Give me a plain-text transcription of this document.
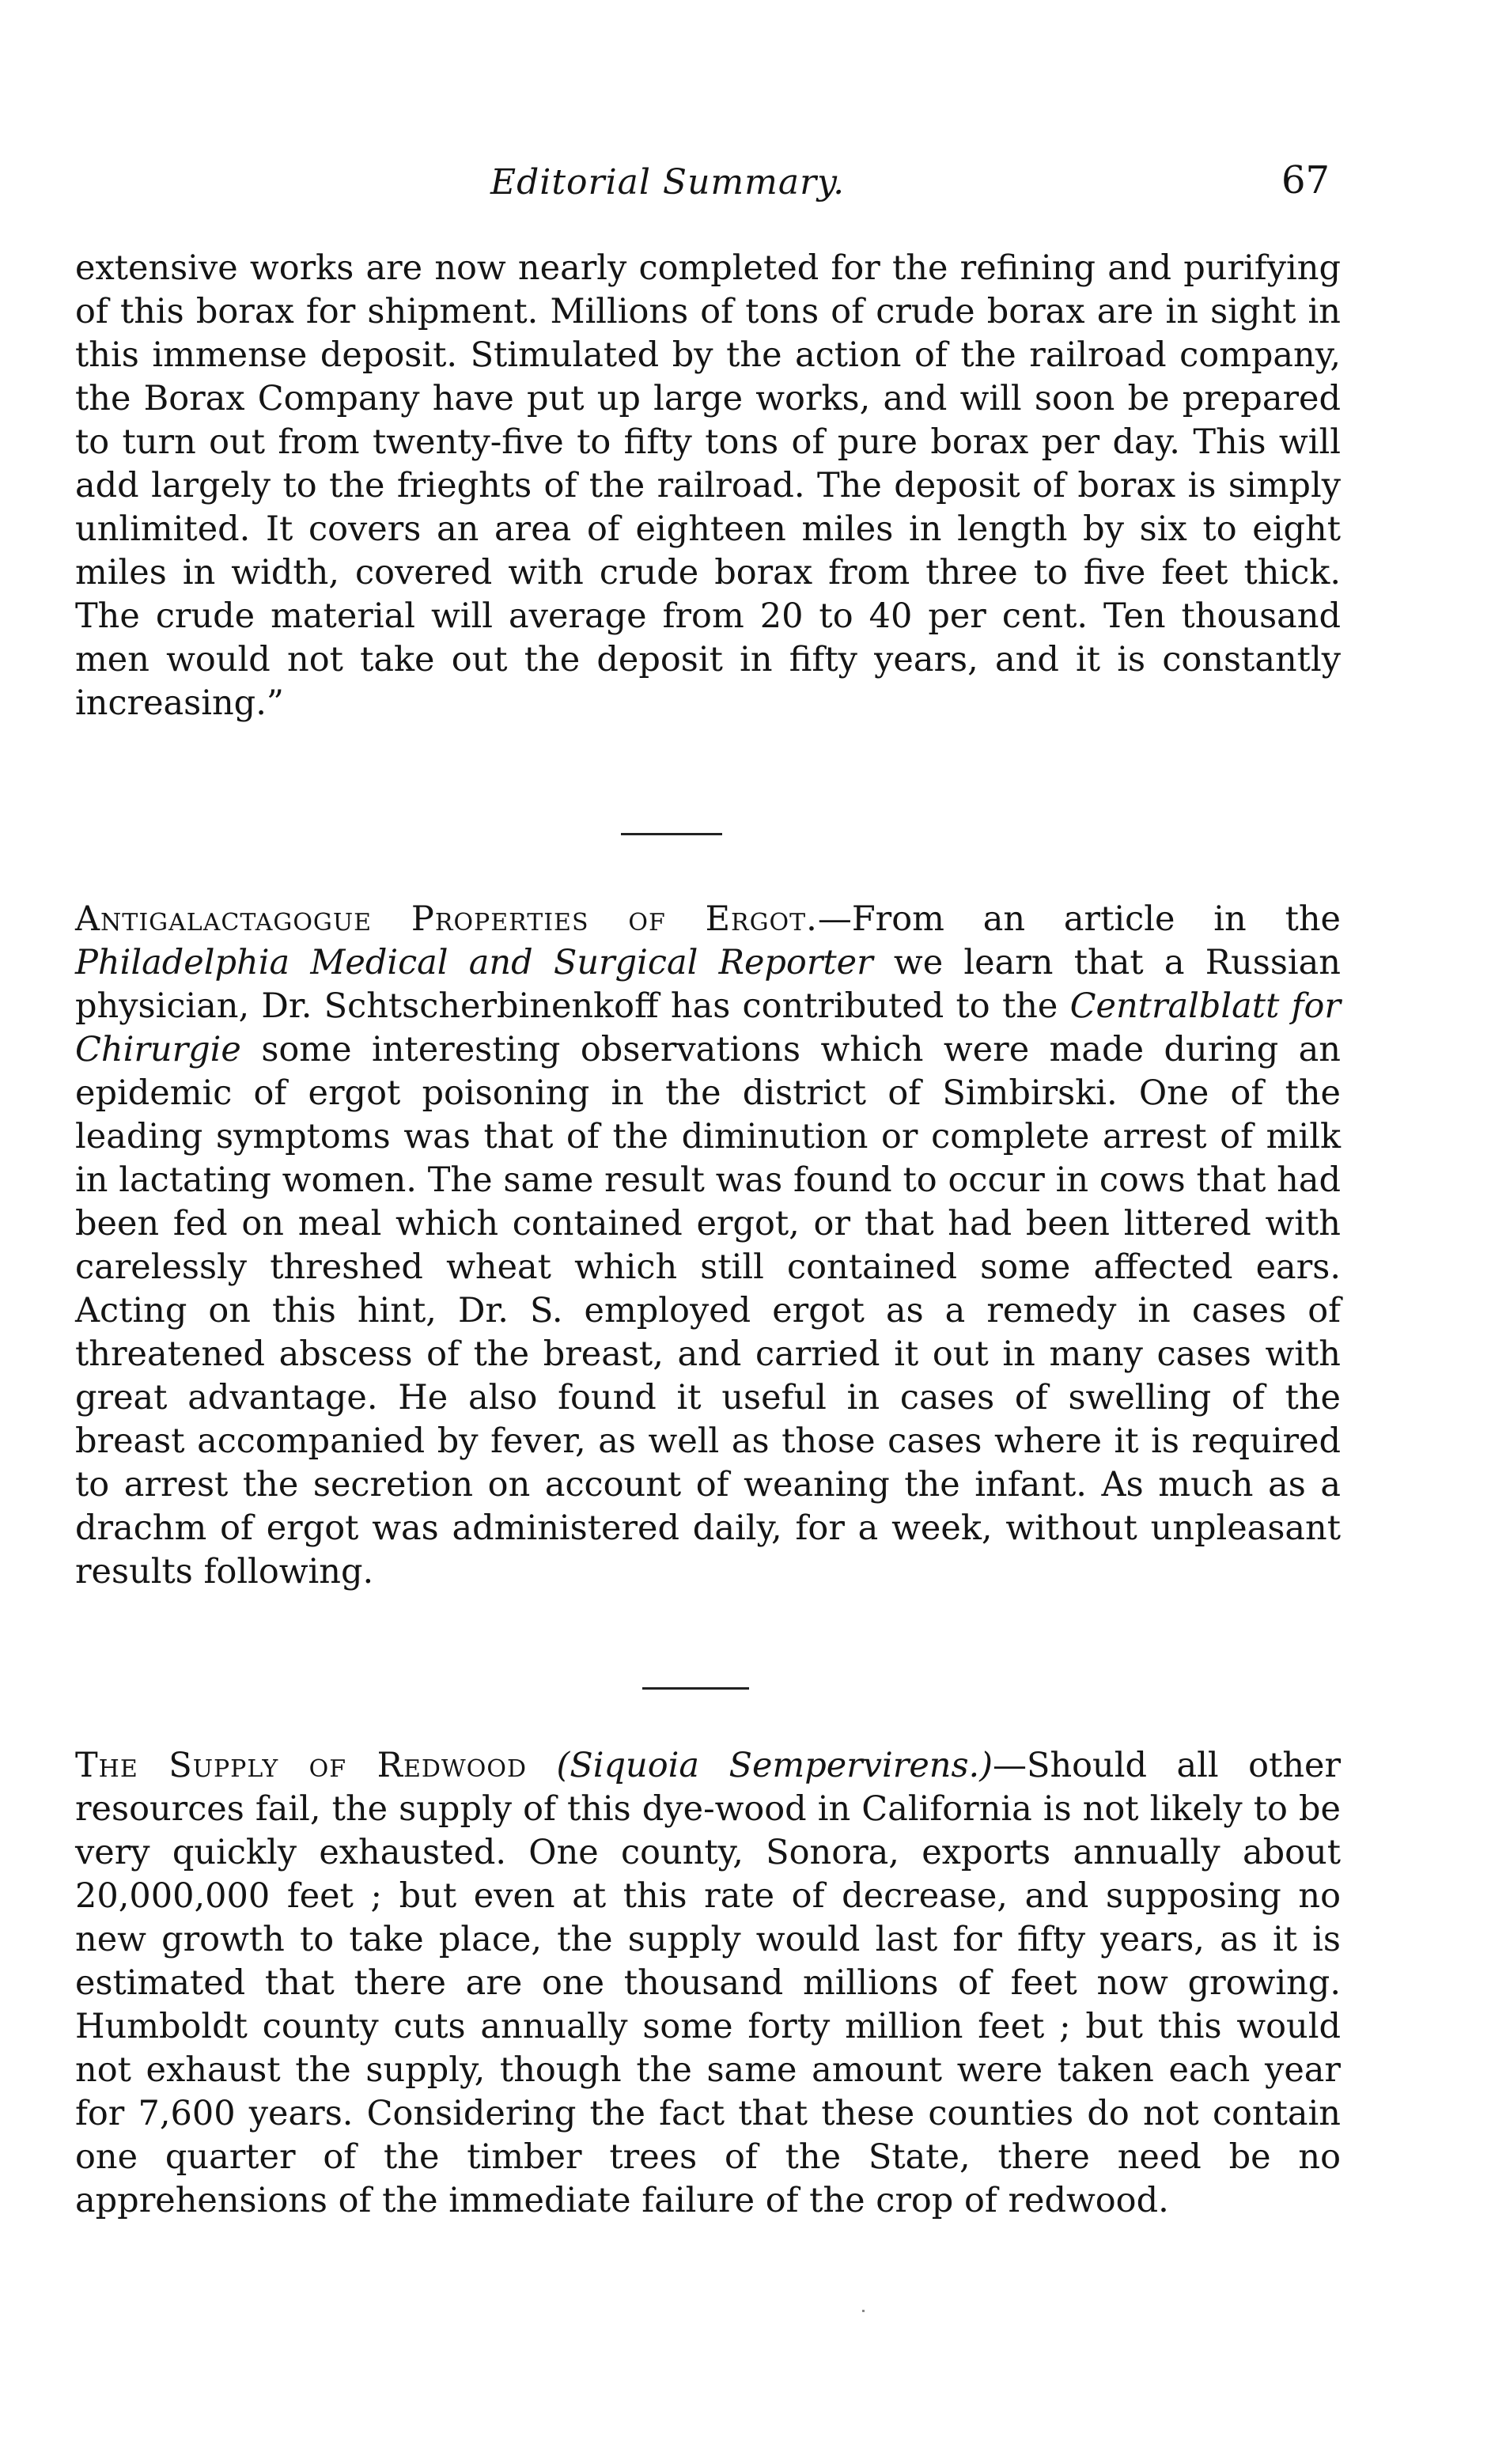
Editorial Summary.	67

extensive works are now nearly completed for the refining and purifying of this borax for shipment. Millions of tons of crude borax are in sight in this immense deposit. Stimulated by the action of the railroad company, the Borax Company have put up large works, and will soon be prepared to turn out from twenty-five to fifty tons of pure borax per day. This will add largely to the frieghts of the railroad. The deposit of borax is simply unlimited. It covers an area of eighteen miles in length by six to eight miles in width, covered with crude borax from three to five feet thick. The crude material will average from 20 to 40 per cent. Ten thousand men would not take out the deposit in fifty years, and it is constantly increasing.”

Antigalactagogue Properties of Ergot.—From an article in the Philadelphia Medical and Surgical Reporter we learn that a Russian physician, Dr. Schtscherbinenkoff has contributed to the Centralblatt for Chirurgie some interesting observations which were made during an epidemic of ergot poisoning in the district of Simbirski. One of the leading symptoms was that of the diminution or complete arrest of milk in lactating women. The same result was found to occur in cows that had been fed on meal which contained ergot, or that had been littered with carelessly threshed wheat which still contained some affected ears. Acting on this hint, Dr. S. employed ergot as a remedy in cases of threatened abscess of the breast, and carried it out in many cases with great advantage. He also found it useful in cases of swelling of the breast accompanied by fever, as well as those cases where it is required to arrest the secretion on account of weaning the infant. As much as a drachm of ergot was administered daily, for a week, without unpleasant results following.

The Supply of Redwood (Siquoia Sempervirens.)—Should all other resources fail, the supply of this dye-wood in California is not likely to be very quickly exhausted. One county, Sonora, exports annually about 20,000,000 feet ; but even at this rate of decrease, and supposing no new growth to take place, the supply would last for fifty years, as it is estimated that there are one thousand millions of feet now growing. Humboldt county cuts annually some forty million feet ; but this would not exhaust the supply, though the same amount were taken each year for 7,600 years. Considering the fact that these counties do not contain one quarter of the timber trees of the State, there need be no apprehensions of the immediate failure of the crop of redwood.
